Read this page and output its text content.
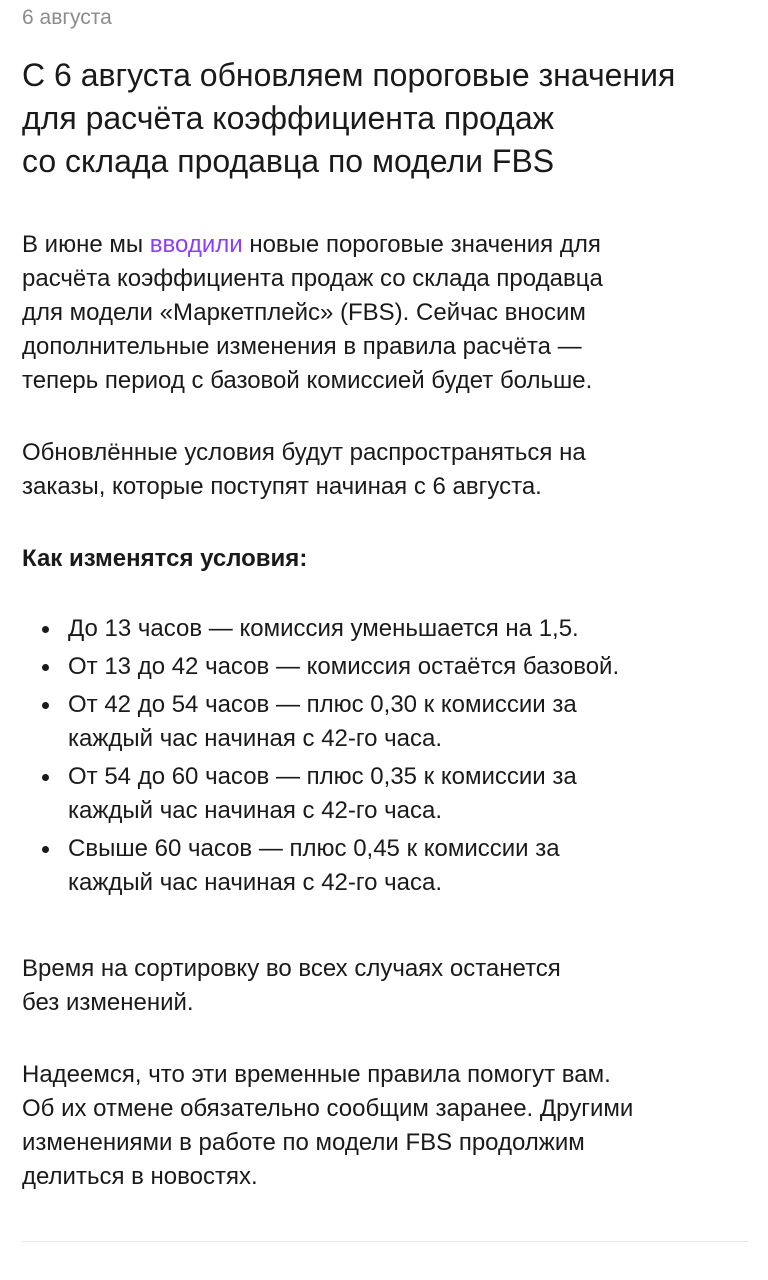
6 августа
С 6 августа обновляем пороговые значения
для расчёта коэффициента продаж
со склада продавца по модели FBS

В июне мы вводили новые пороговые значения для
расчёта коэффициента продаж со склада продавца
для модели «Маркетплейс» (FBS). Сейчас вносим
дополнительные изменения в правила расчёта —
теперь период с базовой комиссией будет больше.

Обновлённые условия будут распространяться на
заказы, которые поступят начиная с 6 августа.

Как изменятся условия:
До 13 часов — комиссия уменьшается на 1,5.
От 13 до 42 часов — комиссия остаётся базовой.
От 42 до 54 часов — плюс 0,30 к комиссии за
каждый час начиная с 42-го часа.
От 54 до 60 часов — плюс 0,35 к комиссии за
каждый час начиная с 42-го часа.
Свыше 60 часов — плюс 0,45 к комиссии за
каждый час начиная с 42-го часа.

Время на сортировку во всех случаях останется
без изменений.

Надеемся, что эти временные правила помогут вам.
Об их отмене обязательно сообщим заранее. Другими
изменениями в работе по модели FBS продолжим
делиться в новостях.
